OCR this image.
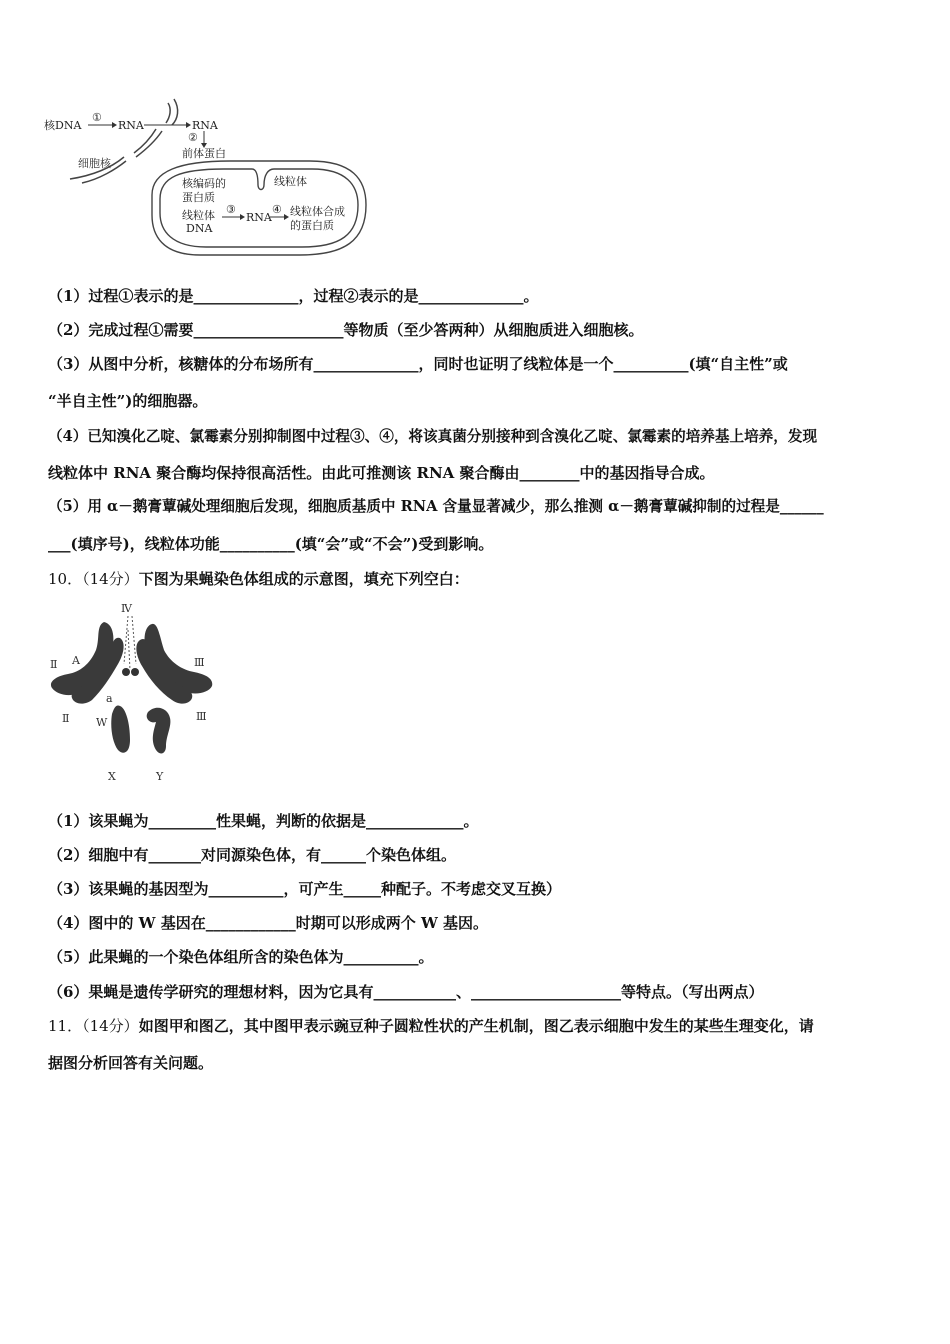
核DNA
①
RNA	RNA
②
前体蛋白
细胞核
线粒体
核编码的
蛋白质
线粒体
DNA
③
RNA
④ 线粒体合成
的蛋白质
（1）过程①表示的是______________，过程②表示的是______________。
（2）完成过程①需要____________________等物质（至少答两种）从细胞质进入细胞核。
（3）从图中分析，核糖体的分布场所有______________，同时也证明了线粒体是一个__________(填“自主性”或
“半自主性”)的细胞器。
（4）已知溴化乙啶、氯霉素分别抑制图中过程③、④，将该真菌分别接种到含溴化乙啶、氯霉素的培养基上培养，发现
线粒体中 RNA 聚合酶均保持很高活性。由此可推测该 RNA 聚合酶由________中的基因指导合成。
（5）用 α－鹅膏蕈碱处理细胞后发现，细胞质基质中 RNA 含量显著减少，那么推测 α－鹅膏蕈碱抑制的过程是______
___(填序号)，线粒体功能__________(填“会”或“不会”)受到影响。
10．（14分）下图为果蝇染色体组成的示意图，填充下列空白：
Ⅳ
Ⅱ A
a
Ⅲ
Ⅱ W	Ⅲ
X	Y
（1）该果蝇为_________性果蝇，判断的依据是_____________。
（2）细胞中有_______对同源染色体，有______个染色体组。
（3）该果蝇的基因型为__________，可产生_____种配子。不考虑交叉互换）
（4）图中的 W 基因在____________时期可以形成两个 W 基因。
（5）此果蝇的一个染色体组所含的染色体为__________。
（6）果蝇是遗传学研究的理想材料，因为它具有___________、____________________等特点。（写出两点）
11．（14分）如图甲和图乙，其中图甲表示豌豆种子圆粒性状的产生机制，图乙表示细胞中发生的某些生理变化，请
据图分析回答有关问题。
